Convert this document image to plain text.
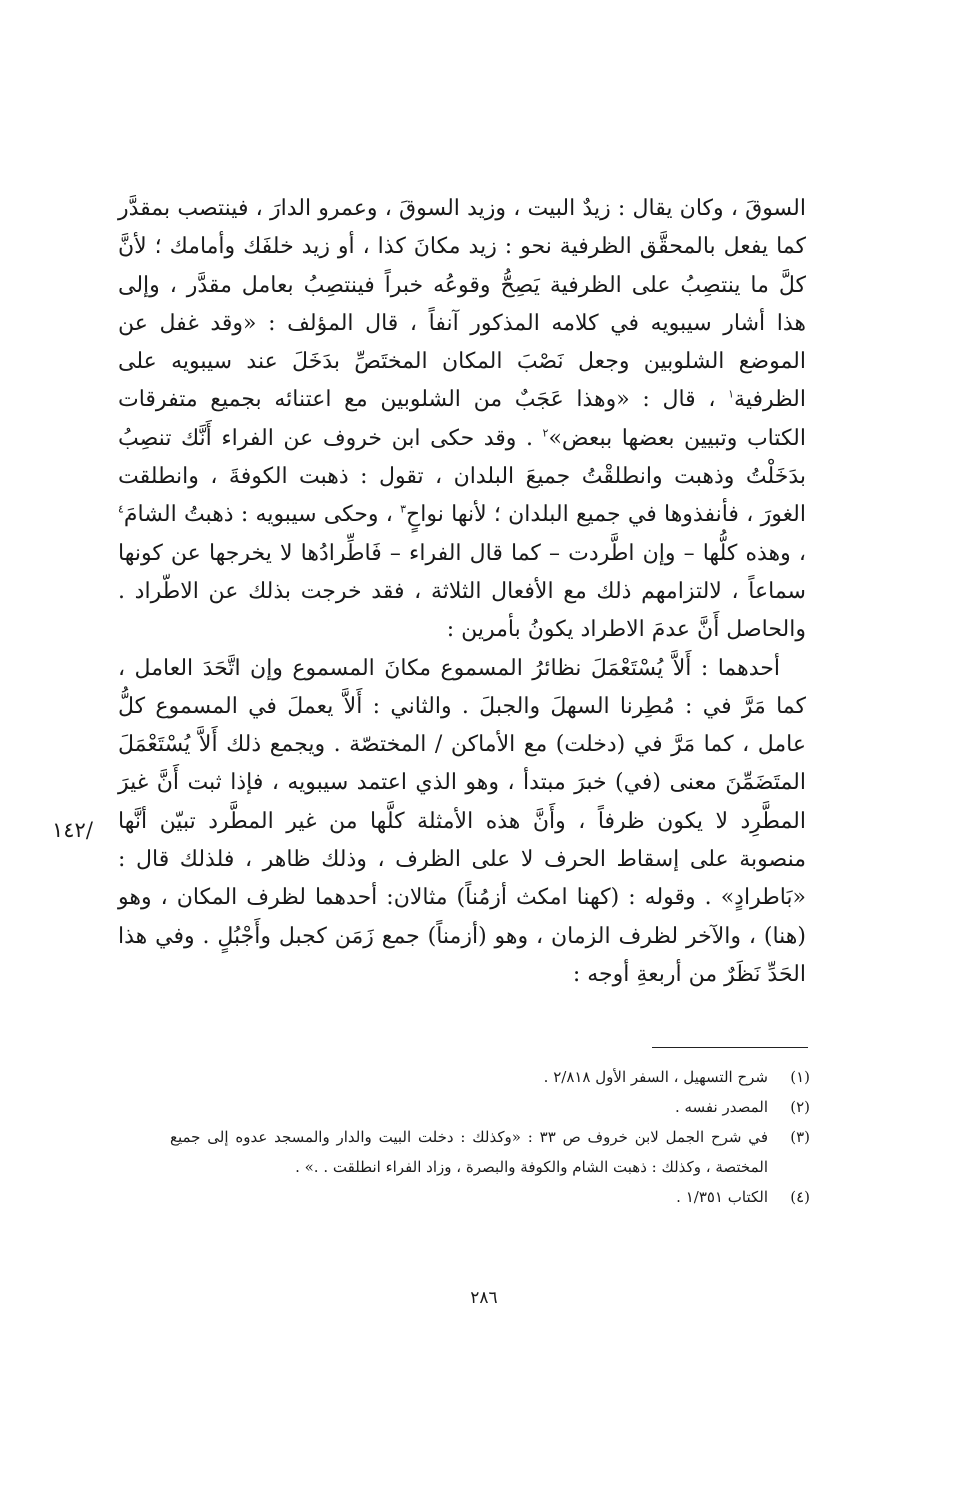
السوقَ ، وكان يقال : زيدٌ البيت ، وزيد السوقَ ، وعمرو الدارَ ، فينتصب بمقدَّر كما يفعل بالمحقَّق الظرفية نحو : زيد مكانَ كذا ، أو زيد خلفَك وأمامك ؛ لأنَّ كلَّ ما ينتصِبُ على الظرفية يَصِحُّ وقوعُه خبراً فينتصِبُ بعامل مقدَّر ، وإلى هذا أشار سيبويه في كلامه المذكور آنفاً ، قال المؤلف : «وقد غفل عن الموضع الشلوبين وجعل نَصْبَ المكان المختَصِّ بدَخَلَ عند سيبويه على الظرفية$^١$ ، قال : «وهذا عَجَبٌ من الشلوبين مع اعتنائه بجميع متفرقات الكتاب وتبيين بعضها ببعض»$^٢$ . وقد حكى ابن خروف عن الفراء أَنَّك تنصِبُ بدَخَلْتُ وذهبت وانطلقْتُ جميعَ البلدان ، تقول : ذهبت الكوفةَ ، وانطلقت الغورَ ، فأنفذوها في جميع البلدان ؛ لأنها نواحٍ$^٣$ ، وحكى سيبويه : ذهبتُ الشامَ$^٤$ ، وهذه كلُّها – وإن اطَّردت – كما قال الفراء – فَاطِّرادُها لا يخرجها عن كونها سماعاً ، لالتزامهم ذلك مع الأفعال الثلاثة ، فقد خرجت بذلك عن الاطّراد . والحاصل أَنَّ عدمَ الاطراد يكونُ بأمرين :

أحدهما : أَلاَّ يُسْتَعْمَلَ نظائرُ المسموع مكانَ المسموع وإن اتَّحَدَ العامل ، كما مَرَّ في : مُطِرنا السهلَ والجبلَ . والثاني : أَلاَّ يعملَ في المسموع كلُّ عامل ، كما مَرَّ في (دخلت) مع الأماكن / المختصّة . ويجمع ذلك أَلاَّ يُسْتَعْمَلَ المتَضَمِّنَ معنى (في) خبرَ مبتدأ ، وهو الذي اعتمد سيبويه ، فإذا ثبت أَنَّ غيرَ المطَّرِد لا يكون ظرفاً ، وأَنَّ هذه الأمثلة كلَّها من غير المطَّرد تبيّن أنَّها منصوبة على إسقاط الحرف لا على الظرف ، وذلك ظاهر ، فلذلك قال : «بَاطرادٍ» . وقوله : (كهنا امكث أزمُناً) مثالان: أحدهما لظرف المكان ، وهو (هنا) ، والآخر لظرف الزمان ، وهو (أزمناً) جمع زَمَن كجبل وأَجْبُلٍ . وفي هذا الحَدِّ نَظَرٌ من أربعةِ أوجه :

/١٤٢
(١)
شرح التسهيل ، السفر الأول ٢/٨١٨ .
(٢)
المصدر نفسه .
(٣)
في شرح الجمل لابن خروف ص ٣٣ : «وكذلك : دخلت البيت والدار والمسجد عدوه إلى جميع المختصة ، وكذلك : ذهبت الشام والكوفة والبصرة ، وزاد الفراء انطلقت . .» .
(٤)
الكتاب ١/٣٥١ .
٢٨٦
